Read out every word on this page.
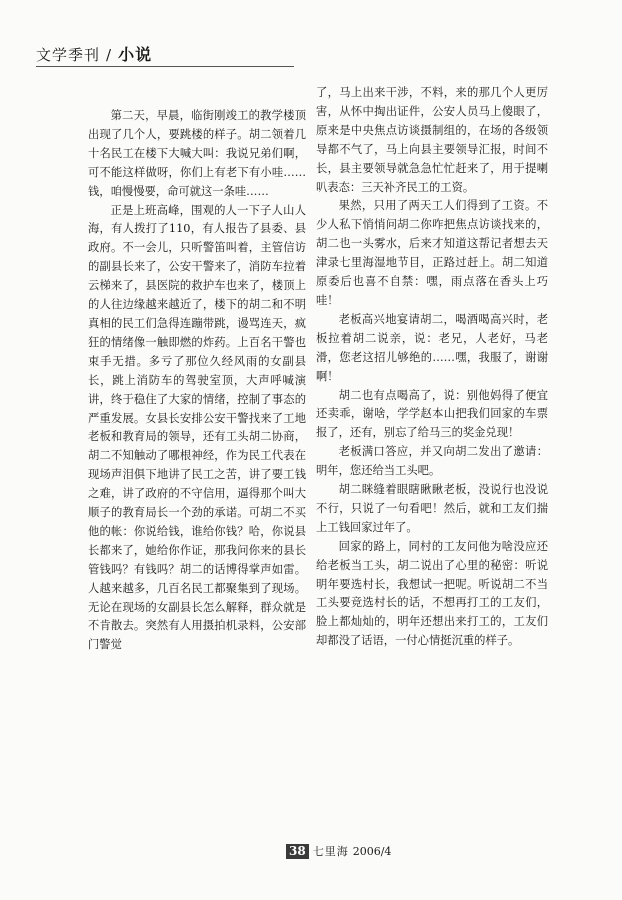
文学季刊 / 小说

第二天，早晨，临街刚竣工的教学楼顶出现了几个人，要跳楼的样子。胡二领着几十名民工在楼下大喊大叫：我说兄弟们啊，可不能这样做呀，你们上有老下有小哇……钱，咱慢慢要，命可就这一条哇……

正是上班高峰，围观的人一下子人山人海，有人拨打了110，有人报告了县委、县政府。不一会儿，只听警笛叫着，主管信访的副县长来了，公安干警来了，消防车拉着云梯来了，县医院的救护车也来了，楼顶上的人往边缘越来越近了，楼下的胡二和不明真相的民工们急得连蹦带跳，谩骂连天，疯狂的情绪像一触即燃的炸药。上百名干警也束手无措。多亏了那位久经风雨的女副县长，跳上消防车的驾驶室顶，大声呼喊演讲，终于稳住了大家的情绪，控制了事态的严重发展。女县长安排公安干警找来了工地老板和教育局的领导，还有工头胡二协商，胡二不知触动了哪根神经，作为民工代表在现场声泪俱下地讲了民工之苦，讲了要工钱之难，讲了政府的不守信用，逼得那个叫大顺子的教育局长一个劲的承诺。可胡二不买他的帐：你说给钱，谁给你钱？哈，你说县长都来了，她给你作证，那我问你来的县长管钱吗？有钱吗？胡二的话博得掌声如雷。人越来越多，几百名民工都聚集到了现场。无论在现场的女副县长怎么解释，群众就是不肯散去。突然有人用摄拍机录料，公安部门警觉

了，马上出来干涉，不料，来的那几个人更厉害，从怀中掏出证件，公安人员马上傻眼了，原来是中央焦点访谈摄制组的，在场的各级领导都不气了，马上向县主要领导汇报，时间不长，县主要领导就急急忙忙赶来了，用于提喇叭表态：三天补齐民工的工资。

果然，只用了两天工人们得到了工资。不少人私下悄悄问胡二你咋把焦点访谈找来的，胡二也一头雾水，后来才知道这帮记者想去天津录七里海湿地节目，正路过赶上。胡二知道原委后也喜不自禁：嘿，雨点落在香头上巧哇！

老板高兴地宴请胡二，喝酒喝高兴时，老板拉着胡二说亲，说：老兄，人老好，马老滑，您老这招儿够绝的……嘿，我服了，谢谢啊！

胡二也有点喝高了，说：别他妈得了便宜还卖乖，谢啥，学学赵本山把我们回家的车票报了，还有，别忘了给马三的奖金兑现！

老板满口答应，并又向胡二发出了邀请：明年，您还给当工头吧。

胡二眯缝着眼瞎瞅瞅老板，没说行也没说不行，只说了一句看吧！然后，就和工友们揣上工钱回家过年了。

回家的路上，同村的工友问他为啥没应还给老板当工头，胡二说出了心里的秘密：听说明年要选村长，我想试一把呢。听说胡二不当工头要竞选村长的话，不想再打工的工友们，脸上都灿灿的，明年还想出来打工的，工友们却都没了话语，一付心情挺沉重的样子。

38 七里海 2006/4
